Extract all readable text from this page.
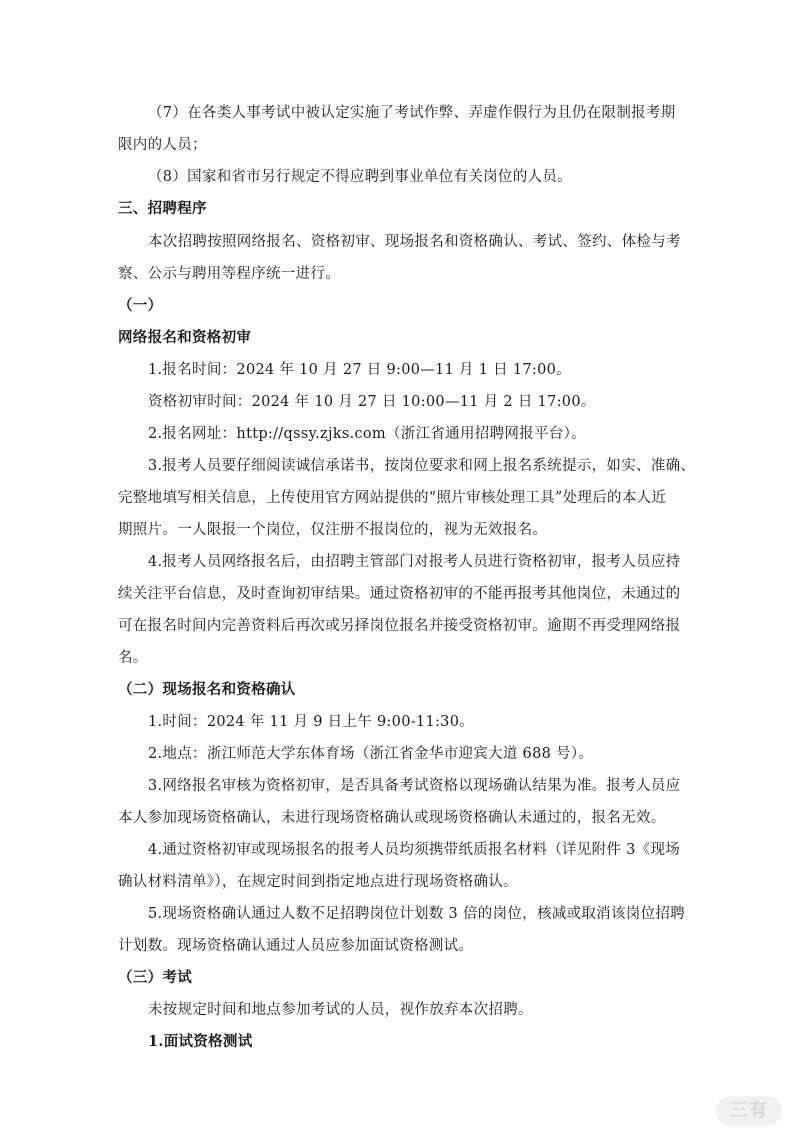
（7）在各类人事考试中被认定实施了考试作弊、弄虚作假行为且仍在限制报考期
限内的人员；
（8）国家和省市另行规定不得应聘到事业单位有关岗位的人员。
三、招聘程序
本次招聘按照网络报名、资格初审、现场报名和资格确认、考试、签约、体检与考
察、公示与聘用等程序统一进行。
（一）
网络报名和资格初审
1.报名时间：2024 年 10 月 27 日 9:00—11 月 1 日 17:00。
资格初审时间：2024 年 10 月 27 日 10:00—11 月 2 日 17:00。
2.报名网址：http://qssy.zjks.com（浙江省通用招聘网报平台）。
3.报考人员要仔细阅读诚信承诺书，按岗位要求和网上报名系统提示，如实、准确、
完整地填写相关信息，上传使用官方网站提供的“照片审核处理工具”处理后的本人近
期照片。一人限报一个岗位，仅注册不报岗位的，视为无效报名。
4.报考人员网络报名后，由招聘主管部门对报考人员进行资格初审，报考人员应持
续关注平台信息，及时查询初审结果。通过资格初审的不能再报考其他岗位，未通过的
可在报名时间内完善资料后再次或另择岗位报名并接受资格初审。逾期不再受理网络报
名。
（二）现场报名和资格确认
1.时间：2024 年 11 月 9 日上午 9:00-11:30。
2.地点：浙江师范大学东体育场（浙江省金华市迎宾大道 688 号）。
3.网络报名审核为资格初审，是否具备考试资格以现场确认结果为准。报考人员应
本人参加现场资格确认，未进行现场资格确认或现场资格确认未通过的，报名无效。
4.通过资格初审或现场报名的报考人员均须携带纸质报名材料（详见附件 3《现场
确认材料清单》），在规定时间到指定地点进行现场资格确认。
5.现场资格确认通过人数不足招聘岗位计划数 3 倍的岗位，核减或取消该岗位招聘
计划数。现场资格确认通过人员应参加面试资格测试。
（三）考试
未按规定时间和地点参加考试的人员，视作放弃本次招聘。
1.面试资格测试
三有
